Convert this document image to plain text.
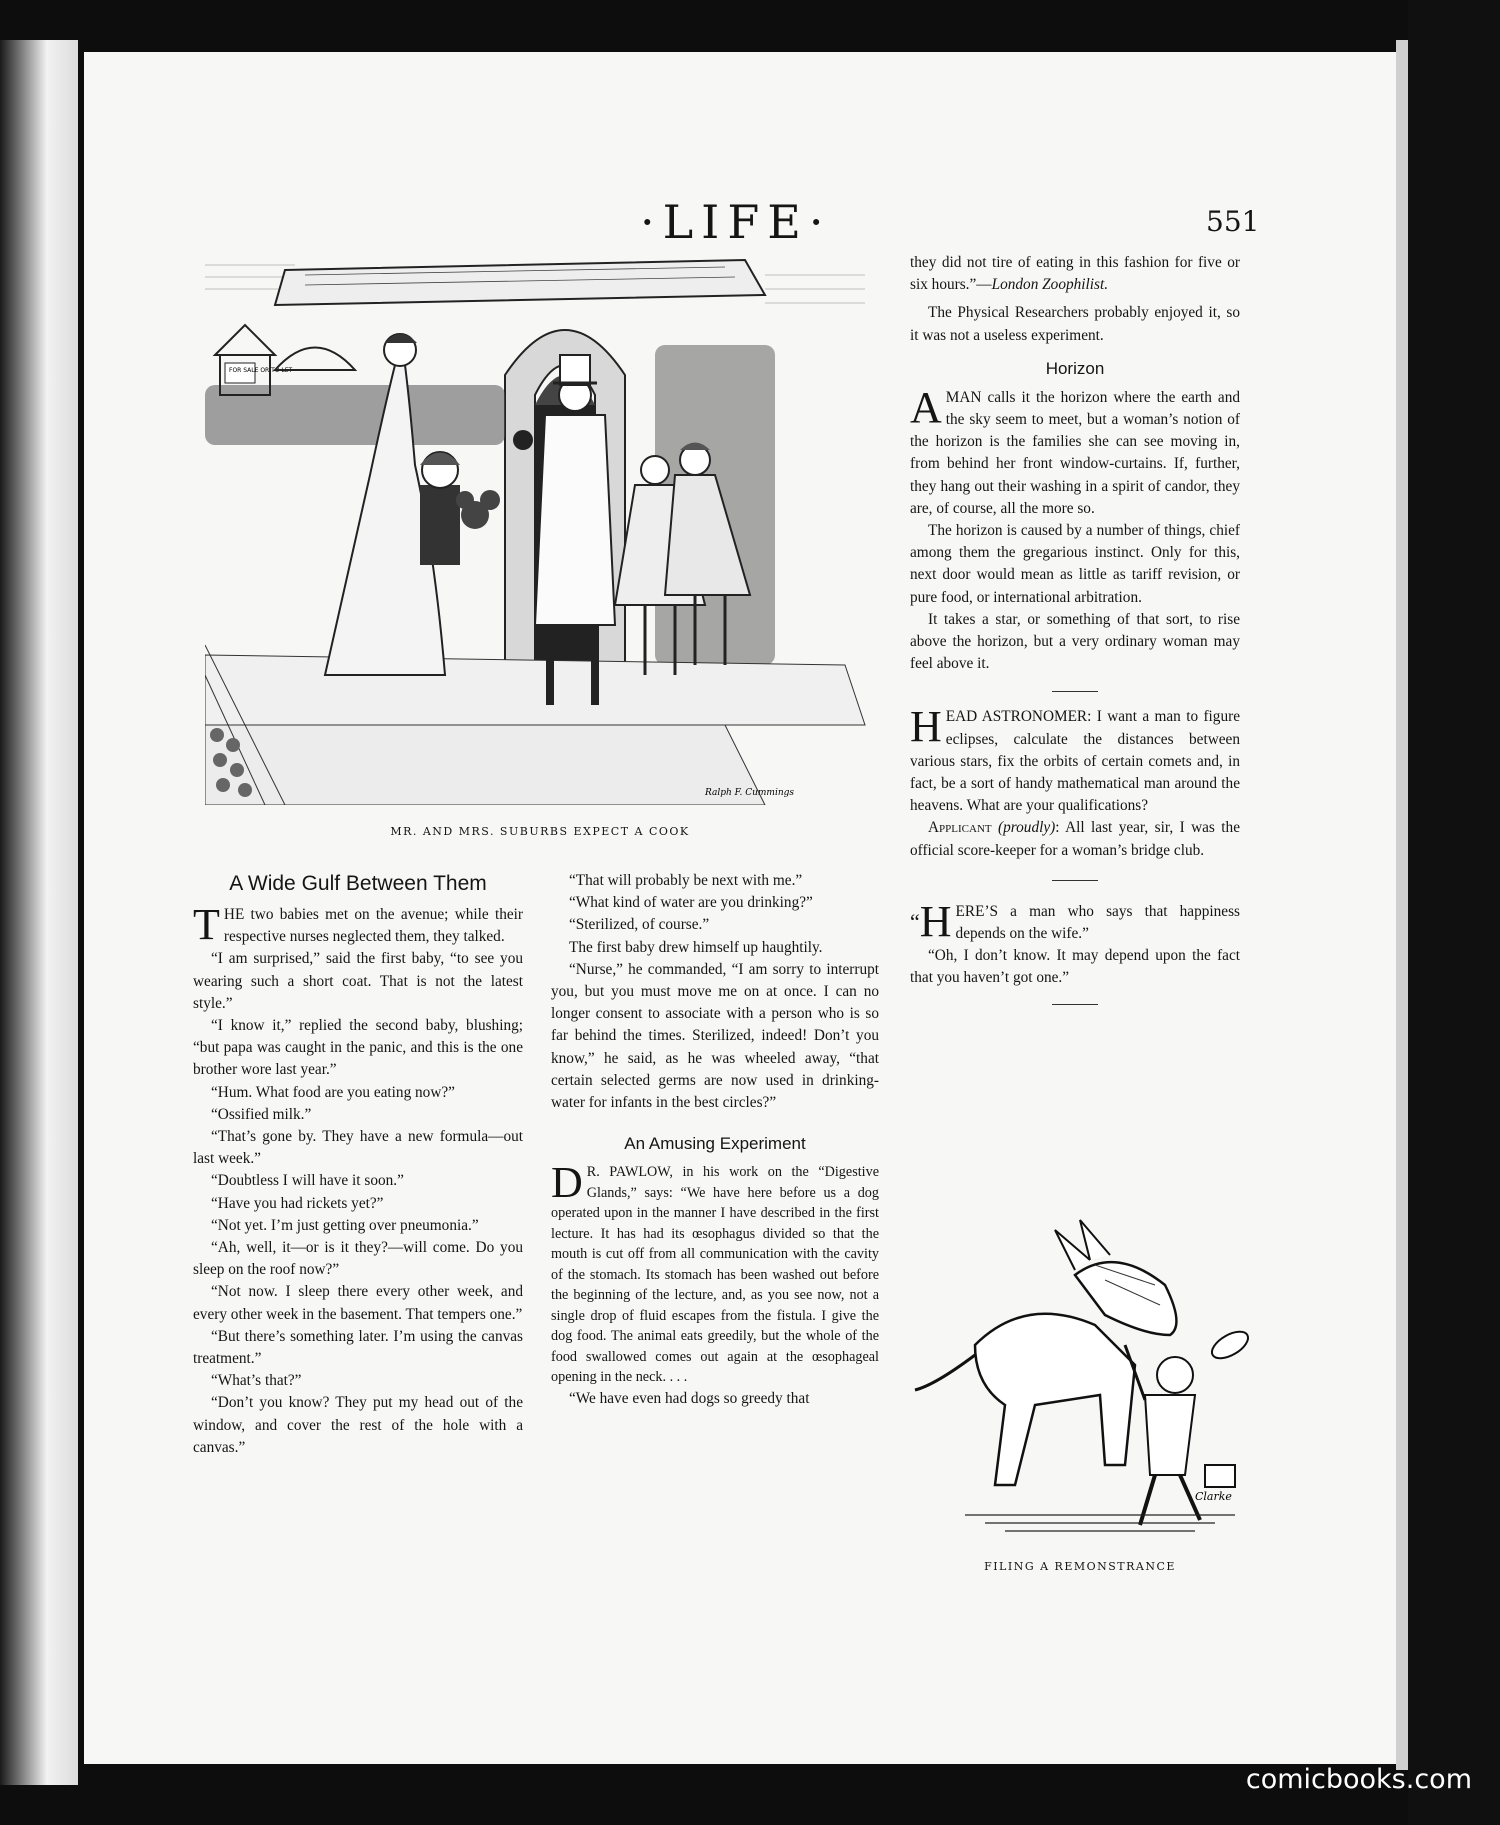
·LIFE·	551
FOR SALE OR TO LET
Ralph F. Cummings
MR. AND MRS. SUBURBS EXPECT A COOK
A Wide Gulf Between Them

THE two babies met on the avenue; while their respective nurses neglected them, they talked.

“I am surprised,” said the first baby, “to see you wearing such a short coat. That is not the latest style.”

“I know it,” replied the second baby, blushing; “but papa was caught in the panic, and this is the one brother wore last year.”

“Hum. What food are you eating now?”

“Ossified milk.”

“That’s gone by. They have a new formula—out last week.”

“Doubtless I will have it soon.”

“Have you had rickets yet?”

“Not yet. I’m just getting over pneumonia.”

“Ah, well, it—or is it they?—will come. Do you sleep on the roof now?”

“Not now. I sleep there every other week, and every other week in the basement. That tempers one.”

“But there’s something later. I’m using the canvas treatment.”

“What’s that?”

“Don’t you know? They put my head out of the window, and cover the rest of the hole with a canvas.”

“That will probably be next with me.”

“What kind of water are you drinking?”

“Sterilized, of course.”

The first baby drew himself up haughtily.

“Nurse,” he commanded, “I am sorry to interrupt you, but you must move me on at once. I can no longer consent to associate with a person who is so far behind the times. Sterilized, indeed! Don’t you know,” he said, as he was wheeled away, “that certain selected germs are now used in drinking-water for infants in the best circles?”

An Amusing Experiment

D R. PAWLOW, in his work on the “Digestive Glands,” says: “We have here before us a dog operated upon in the manner I have described in the first lecture. It has had its œsophagus divided so that the mouth is cut off from all communication with the cavity of the stomach. Its stomach has been washed out before the beginning of the lecture, and, as you see now, not a single drop of fluid escapes from the fistula. I give the dog food. The animal eats greedily, but the whole of the food swallowed comes out again at the œsophageal opening in the neck. . . .

“We have even had dogs so greedy that

they did not tire of eating in this fashion for five or six hours.”—London Zoophilist.

The Physical Researchers probably enjoyed it, so it was not a useless experiment.

Horizon

A MAN calls it the horizon where the earth and the sky seem to meet, but a woman’s notion of the horizon is the families she can see moving in, from behind her front window-curtains. If, further, they hang out their washing in a spirit of candor, they are, of course, all the more so.

The horizon is caused by a number of things, chief among them the gregarious instinct. Only for this, next door would mean as little as tariff revision, or pure food, or international arbitration.

It takes a star, or something of that sort, to rise above the horizon, but a very ordinary woman may feel above it.

HEAD ASTRONOMER: I want a man to figure eclipses, calculate the distances between various stars, fix the orbits of certain comets and, in fact, be a sort of handy mathematical man around the heavens. What are your qualifications?

Applicant (proudly): All last year, sir, I was the official score-keeper for a woman’s bridge club.

“H ERE’S a man who says that happiness depends on the wife.”

“Oh, I don’t know. It may depend upon the fact that you haven’t got one.”

Clarke
FILING A REMONSTRANCE
comicbooks.com
